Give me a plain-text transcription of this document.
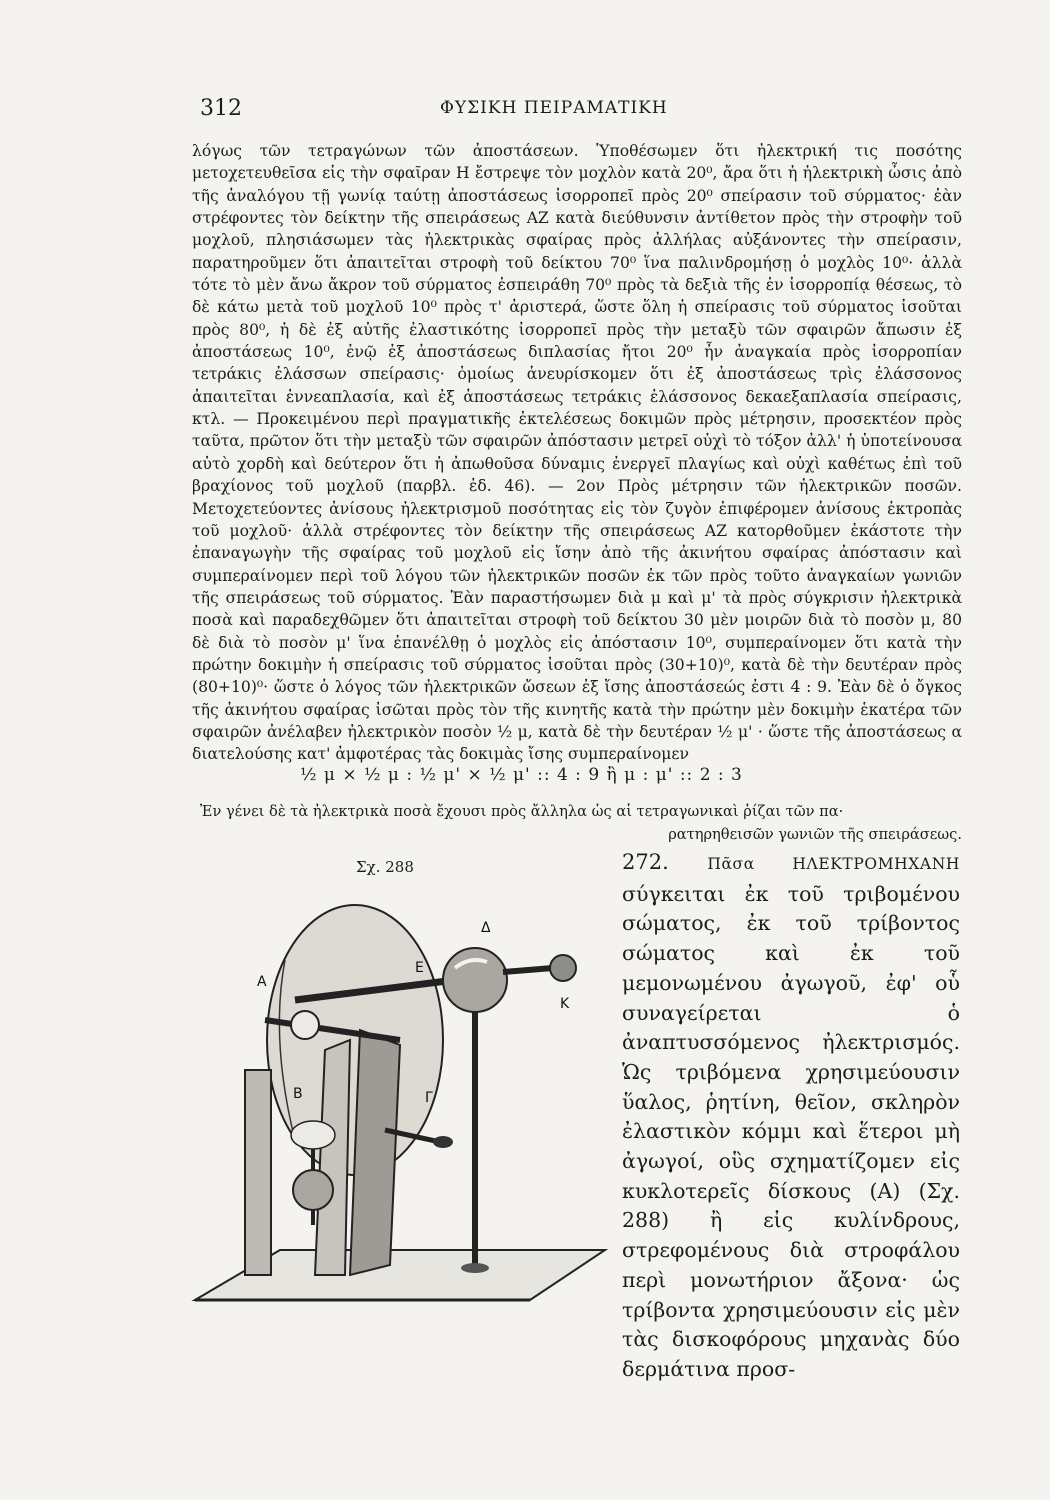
312	ΦΥΣΙΚΗ ΠΕΙΡΑΜΑΤΙΚΗ

λόγως τῶν τετραγώνων τῶν ἀποστάσεων. Ὑποθέσωμεν ὅτι ἠλεκτρική τις ποσότης μετοχετευθεῖσα εἰς τὴν σφαῖραν Η ἔστρεψε τὸν μοχλὸν κατὰ 20⁰, ἄρα ὅτι ἡ ἠλεκτρικὴ ὦσις ἀπὸ τῆς ἀναλόγου τῇ γωνίᾳ ταύτῃ ἀποστάσεως ἰσορροπεῖ πρὸς 20⁰ σπείρασιν τοῦ σύρματος· ἐὰν στρέφοντες τὸν δείκτην τῆς σπειράσεως ΑΖ κατὰ διεύθυνσιν ἀντίθετον πρὸς τὴν στροφὴν τοῦ μοχλοῦ, πλησιάσωμεν τὰς ἠλεκτρικὰς σφαίρας πρὸς ἀλλήλας αὐξάνοντες τὴν σπείρασιν, παρατηροῦμεν ὅτι ἀπαιτεῖται στροφὴ τοῦ δείκτου 70⁰ ἵνα παλινδρομήσῃ ὁ μοχλὸς 10⁰· ἀλλὰ τότε τὸ μὲν ἄνω ἄκρον τοῦ σύρματος ἐσπειράθη 70⁰ πρὸς τὰ δεξιὰ τῆς ἐν ἰσορροπίᾳ θέσεως, τὸ δὲ κάτω μετὰ τοῦ μοχλοῦ 10⁰ πρὸς τ' ἀριστερά, ὥστε ὅλη ἡ σπείρασις τοῦ σύρματος ἰσοῦται πρὸς 80⁰, ἡ δὲ ἐξ αὐτῆς ἐλαστικότης ἰσορροπεῖ πρὸς τὴν μεταξὺ τῶν σφαιρῶν ἄπωσιν ἐξ ἀποστάσεως 10⁰, ἐνῷ ἐξ ἀποστάσεως διπλασίας ἤτοι 20⁰ ἦν ἀναγκαία πρὸς ἰσορροπίαν τετράκις ἐλάσσων σπείρασις· ὁμοίως ἀνευρίσκομεν ὅτι ἐξ ἀποστάσεως τρὶς ἐλάσσονος ἀπαιτεῖται ἐννεαπλασία, καὶ ἐξ ἀποστάσεως τετράκις ἐλάσσονος δεκαεξαπλασία σπείρασις, κτλ. — Προκειμένου περὶ πραγματικῆς ἐκτελέσεως δοκιμῶν πρὸς μέτρησιν, προσεκτέον πρὸς ταῦτα, πρῶτον ὅτι τὴν μεταξὺ τῶν σφαιρῶν ἀπόστασιν μετρεῖ οὐχὶ τὸ τόξον ἀλλ' ἡ ὑποτείνουσα αὐτὸ χορδὴ καὶ δεύτερον ὅτι ἡ ἀπωθοῦσα δύναμις ἐνεργεῖ πλαγίως καὶ οὐχὶ καθέτως ἐπὶ τοῦ βραχίονος τοῦ μοχλοῦ (παρβλ. ἐδ. 46). — 2ον Πρὸς μέτρησιν τῶν ἠλεκτρικῶν ποσῶν. Μετοχετεύοντες ἀνίσους ἠλεκτρισμοῦ ποσότητας εἰς τὸν ζυγὸν ἐπιφέρομεν ἀνίσους ἐκτροπὰς τοῦ μοχλοῦ· ἀλλὰ στρέφοντες τὸν δείκτην τῆς σπειράσεως ΑΖ κατορθοῦμεν ἑκάστοτε τὴν ἐπαναγωγὴν τῆς σφαίρας τοῦ μοχλοῦ εἰς ἴσην ἀπὸ τῆς ἀκινήτου σφαίρας ἀπόστασιν καὶ συμπεραίνομεν περὶ τοῦ λόγου τῶν ἠλεκτρικῶν ποσῶν ἐκ τῶν πρὸς τοῦτο ἀναγκαίων γωνιῶν τῆς σπειράσεως τοῦ σύρματος. Ἐὰν παραστήσωμεν διὰ μ καὶ μ' τὰ πρὸς σύγκρισιν ἠλεκτρικὰ ποσὰ καὶ παραδεχθῶμεν ὅτι ἀπαιτεῖται στροφὴ τοῦ δείκτου 30 μὲν μοιρῶν διὰ τὸ ποσὸν μ, 80 δὲ διὰ τὸ ποσὸν μ' ἵνα ἐπανέλθῃ ὁ μοχλὸς εἰς ἀπόστασιν 10⁰, συμπεραίνομεν ὅτι κατὰ τὴν πρώτην δοκιμὴν ἡ σπείρασις τοῦ σύρματος ἰσοῦται πρὸς (30+10)⁰, κατὰ δὲ τὴν δευτέραν πρὸς (80+10)⁰· ὥστε ὁ λόγος τῶν ἠλεκτρικῶν ὤσεων ἐξ ἴσης ἀποστάσεώς ἐστι 4 : 9. Ἐὰν δὲ ὁ ὄγκος τῆς ἀκινήτου σφαίρας ἰσῶται πρὸς τὸν τῆς κινητῆς κατὰ τὴν πρώτην μὲν δοκιμὴν ἑκατέρα τῶν σφαιρῶν ἀνέλαβεν ἠλεκτρικὸν ποσὸν ½ μ, κατὰ δὲ τὴν δευτέραν ½ μ' · ὥστε τῆς ἀποστάσεως α διατελούσης κατ' ἀμφοτέρας τὰς δοκιμὰς ἴσης συμπεραίνομεν

½ μ × ½ μ : ½ μ' × ½ μ' :: 4 : 9 ἢ μ : μ' :: 2 : 3
Ἐν γένει δὲ τὰ ἠλεκτρικὰ ποσὰ ἔχουσι πρὸς ἄλληλα ὡς αἱ τετραγωνικαὶ ῥίζαι τῶν πα·
ρατηρηθεισῶν γωνιῶν τῆς σπειράσεως.
Σχ. 288
Α
Ε
Δ
Κ
Β	Γ

272. Πᾶσα ΗΛΕΚΤΡΟΜΗΧΑΝΗ σύγκειται ἐκ τοῦ τριβομένου σώματος, ἐκ τοῦ τρίβοντος σώματος καὶ ἐκ τοῦ μεμονωμένου ἀγωγοῦ, ἐφ' οὗ συναγείρεται ὁ ἀναπτυσσόμενος ἠλεκτρισμός. Ὡς τριβόμενα χρησιμεύουσιν ὕαλος, ῥητίνη, θεῖον, σκληρὸν ἐλαστικὸν κόμμι καὶ ἕτεροι μὴ ἀγωγοί, οὓς σχηματίζομεν εἰς κυκλοτερεῖς δίσκους (Α) (Σχ. 288) ἢ εἰς κυλίνδρους, στρεφομένους διὰ στροφάλου περὶ μονωτήριον ἄξονα· ὡς τρίβοντα χρησιμεύουσιν εἰς μὲν τὰς δισκοφόρους μηχανὰς δύο δερμάτινα προσ-
